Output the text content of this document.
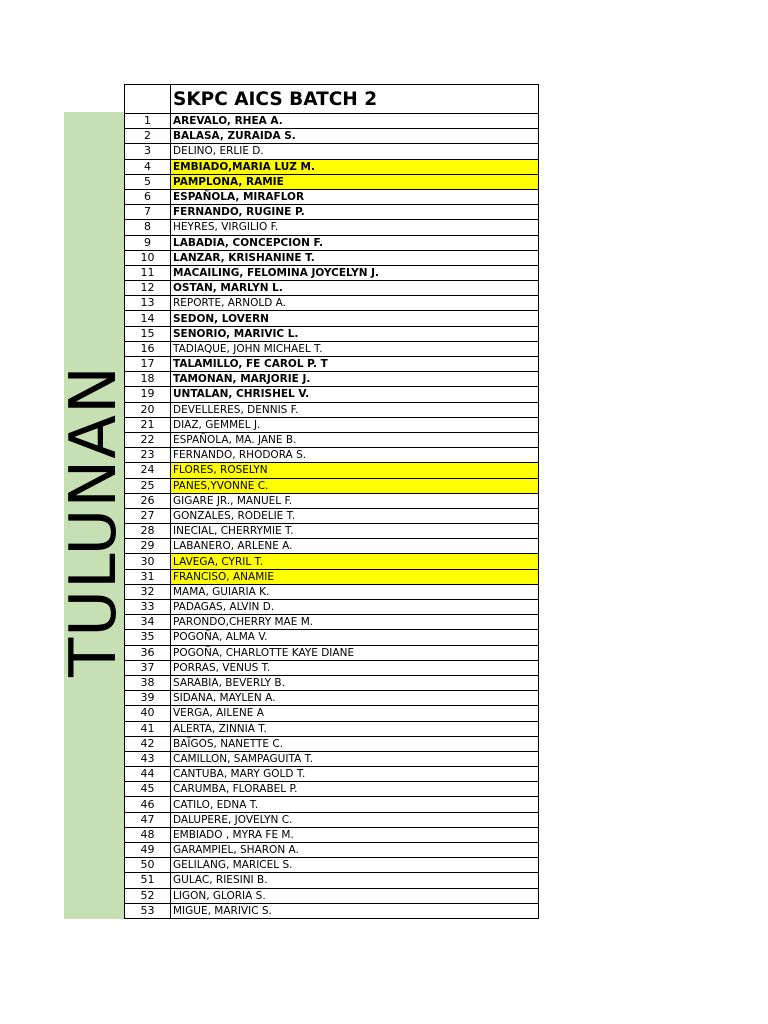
TULUNAN
	SKPC AICS BATCH 2
1	AREVALO, RHEA A.
2	BALASA, ZURAIDA S.
3	DELINO, ERLIE D.
4	EMBIADO,MARIA LUZ M.
5	PAMPLONA, RAMIE
6	ESPAÑOLA, MIRAFLOR
7	FERNANDO, RUGINE P.
8	HEYRES, VIRGILIO F.
9	LABADIA, CONCEPCION F.
10	LANZAR, KRISHANINE T.
11	MACAILING, FELOMINA JOYCELYN J.
12	OSTAN, MARLYN L.
13	REPORTE, ARNOLD A.
14	SEDON, LOVERN
15	SENORIO, MARIVIC L.
16	TADIAQUE, JOHN MICHAEL T.
17	TALAMILLO, FE CAROL P. T
18	TAMONAN, MARJORIE J.
19	UNTALAN, CHRISHEL V.
20	DEVELLERES, DENNIS F.
21	DIAZ, GEMMEL J.
22	ESPAÑOLA, MA. JANE B.
23	FERNANDO, RHODORA S.
24	FLORES, ROSELYN
25	PANES,YVONNE C.
26	GIGARE JR., MANUEL F.
27	GONZALES, RODELIE T.
28	INECIAL, CHERRYMIE T.
29	LABANERO, ARLENE A.
30	LAVEGA, CYRIL T.
31	FRANCISO, ANAMIE
32	MAMA, GUIARIA K.
33	PADAGAS, ALVIN D.
34	PARONDO,CHERRY MAE M.
35	POGOÑA, ALMA V.
36	POGOÑA, CHARLOTTE KAYE DIANE
37	PORRAS, VENUS T.
38	SARABIA, BEVERLY B.
39	SIDANA, MAYLEN A.
40	VERGA, AILENE A
41	ALERTA, ZINNIA T.
42	BAÏGOS, NANETTE C.
43	CAMILLON, SAMPAGUITA T.
44	CANTUBA, MARY GOLD T.
45	CARUMBA, FLORABEL P.
46	CATILO, EDNA T.
47	DALUPERE, JOVELYN C.
48	EMBIADO , MYRA FE M.
49	GARAMPIEL, SHARON A.
50	GELILANG, MARICEL S.
51	GULAC, RIESINI B.
52	LIGON, GLORIA S.
53	MIGUE, MARIVIC S.
